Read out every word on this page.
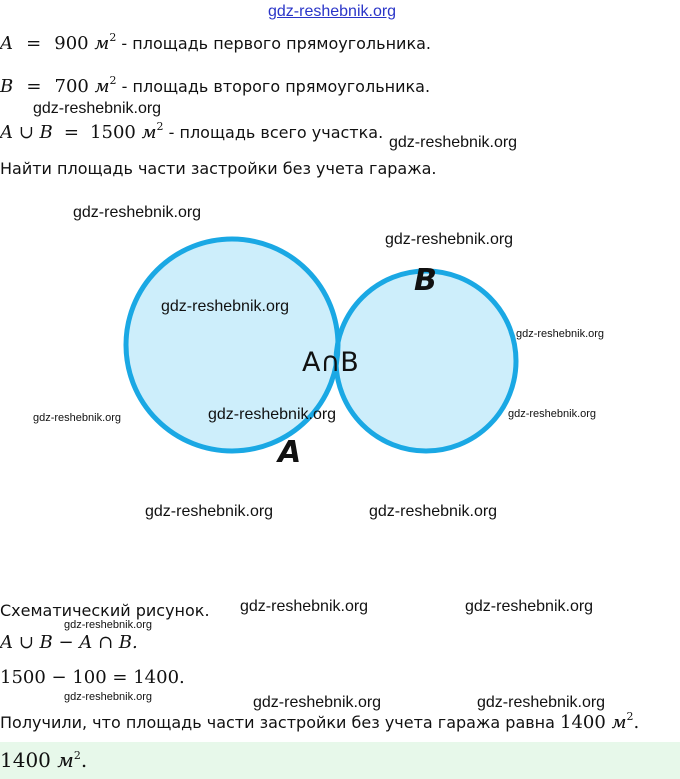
gdz-reshebnik.org
A = 900 $м^2$ - площадь первого прямоугольника.
B = 700 $м^2$ - площадь второго прямоугольника.
A ∪ B = 1500 $м^2$ - площадь всего участка.
Найти площадь части застройки без учета гаража.
A
B
A∩B
gdz-reshebnik.org
gdz-reshebnik.org
gdz-reshebnik.org
gdz-reshebnik.org
gdz-reshebnik.org
gdz-reshebnik.org
gdz-reshebnik.org	gdz-reshebnik.org
gdz-reshebnik.org
gdz-reshebnik.org	gdz-reshebnik.org
Схематический рисунок. gdz-reshebnik.org	gdz-reshebnik.org
gdz-reshebnik.org
A ∪ B − A ∩ B.
1500 − 100 = 1400.
gdz-reshebnik.org	gdz-reshebnik.org	gdz-reshebnik.org
Получили, что площадь части застройки без учета гаража равна 1400 $м^2$.
1400 $м^2$.
